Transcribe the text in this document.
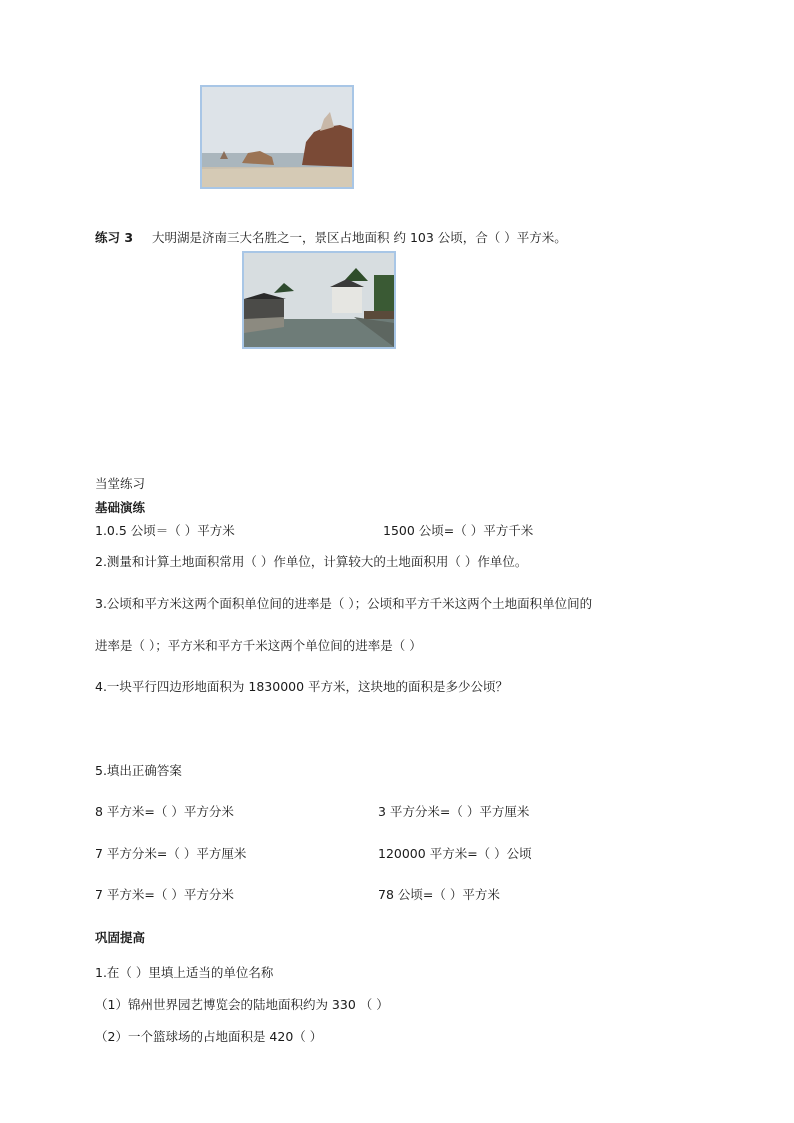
练习 3 大明湖是济南三大名胜之一，景区占地面积 约 103 公顷，合（ ）平方米。
当堂练习
基础演练
1.0.5 公顷＝（ ）平方米	1500 公顷=（ ）平方千米
2.测量和计算土地面积常用（ ）作单位，计算较大的土地面积用（ ）作单位。
3.公顷和平方米这两个面积单位间的进率是（ ）；公顷和平方千米这两个土地面积单位间的
进率是（ ）；平方米和平方千米这两个单位间的进率是（ ）
4.一块平行四边形地面积为 1830000 平方米，这块地的面积是多少公顷？
5.填出正确答案
8 平方米=（ ）平方分米	3 平方分米=（ ）平方厘米
7 平方分米=（ ）平方厘米	120000 平方米=（ ）公顷
7 平方米=（ ）平方分米	78 公顷=（ ）平方米
巩固提高
1.在（ ）里填上适当的单位名称
（1）锦州世界园艺博览会的陆地面积约为 330 （ ）
（2）一个篮球场的占地面积是 420（ ）
